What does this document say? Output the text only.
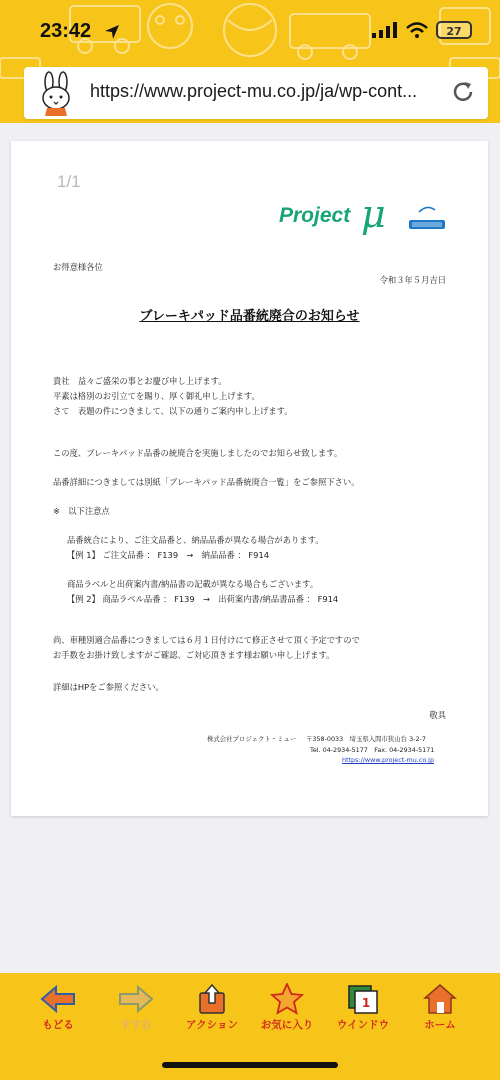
23:42	27
https://www.project-mu.co.jp/ja/wp-cont...
1/1
Project μ
お得意様各位
令和３年５月吉日
ブレーキパッド品番統廃合のお知らせ
貴社　益々ご盛栄の事とお慶び申し上げます。
平素は格別のお引立てを賜り、厚く御礼申し上げます。
さて　表題の件につきまして、以下の通りご案内申し上げます。
この度、ブレーキパッド品番の統廃合を実施しましたのでお知らせ致します。
品番詳細につきましては別紙「ブレーキパッド品番統廃合一覧」をご参照下さい。
※　以下注意点
品番統合により、ご注文品番と、納品品番が異なる場合があります。
【例 1】 ご注文品番 ： F139　→　納品品番 ： F914
商品ラベルと出荷案内書/納品書の記載が異なる場合もございます。
【例 2】 商品ラベル品番 ： F139　→　出荷案内書/納品書品番 ： F914
尚、車種別適合品番につきましては６月１日付けにて修正させて頂く予定ですので
お手数をお掛け致しますがご確認、ご対応頂きます様お願い申し上げます。
詳細はHPをご参照ください。
敬具
株式会社プロジェクト・ミュー 〒358-0033　埼玉県入間市狭山台 3-2-7
Tel. 04-2934-5177　Fax. 04-2934-5171
https://www.project-mu.co.jp
もどる	すすむ	アクション	お気に入り
1
ウインドウ	ホーム
